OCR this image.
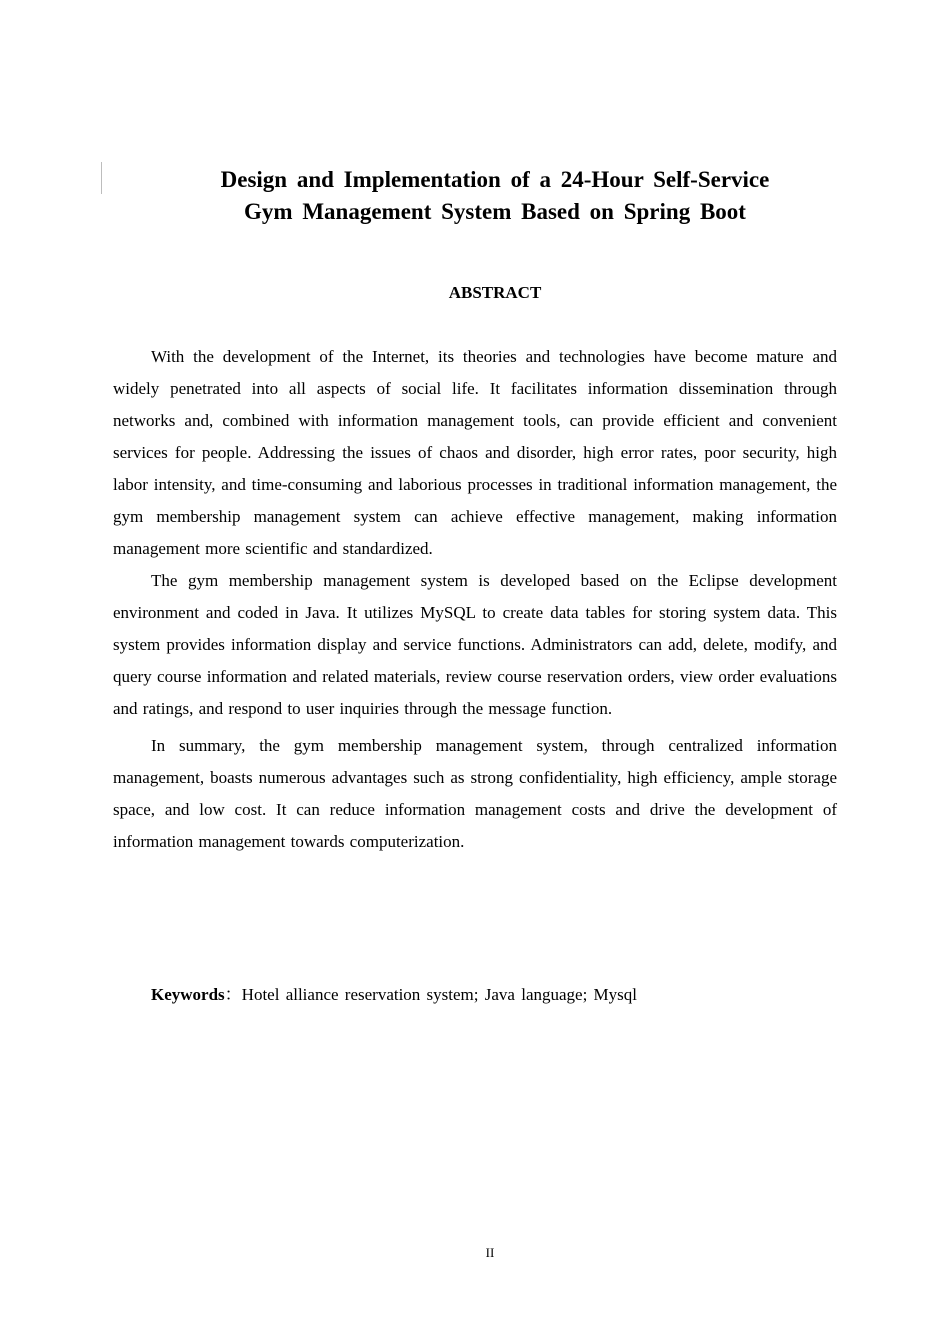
Design and Implementation of a 24-Hour Self-Service
Gym Management System Based on Spring Boot
ABSTRACT

With the development of the Internet, its theories and technologies have become mature and widely penetrated into all aspects of social life. It facilitates information dissemination through networks and, combined with information management tools, can provide efficient and convenient services for people. Addressing the issues of chaos and disorder, high error rates, poor security, high labor intensity, and time-consuming and laborious processes in traditional information management, the gym membership management system can achieve effective management, making information management more scientific and standardized.

The gym membership management system is developed based on the Eclipse development environment and coded in Java. It utilizes MySQL to create data tables for storing system data. This system provides information display and service functions. Administrators can add, delete, modify, and query course information and related materials, review course reservation orders, view order evaluations and ratings, and respond to user inquiries through the message function.

In summary, the gym membership management system, through centralized information management, boasts numerous advantages such as strong confidentiality, high efficiency, ample storage space, and low cost. It can reduce information management costs and drive the development of information management towards computerization.

Keywords：Hotel alliance reservation system; Java language; Mysql
II
